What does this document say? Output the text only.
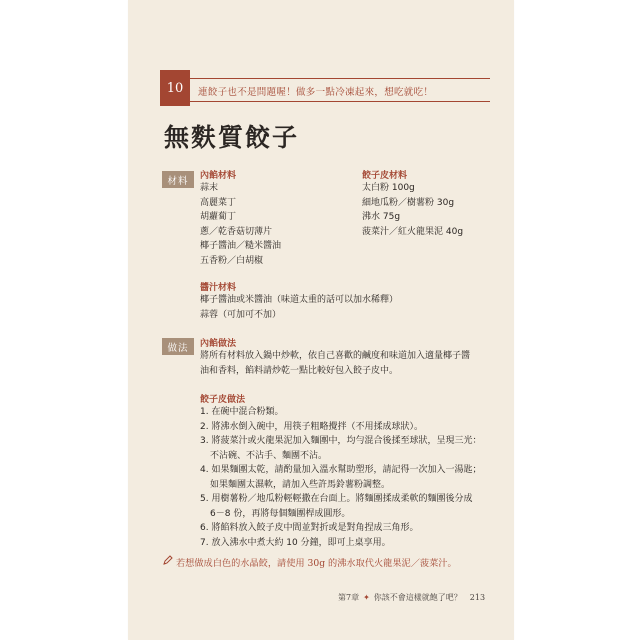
10	連餃子也不是問題喔！做多一點冷凍起來，想吃就吃！
無麩質餃子
材料	內餡材料
蒜末
高麗菜丁
胡蘿蔔丁
蔥／乾香菇切薄片
椰子醬油／糙米醬油
五香粉／白胡椒
餃子皮材料
太白粉 100g
細地瓜粉／樹薯粉 30g
沸水 75g
菠菜汁／紅火龍果泥 40g
醬汁材料
椰子醬油或米醬油（味道太重的話可以加水稀釋）
蒜蓉（可加可不加）
做法	內餡做法
將所有材料放入鍋中炒軟，依自己喜歡的鹹度和味道加入適量椰子醬
油和香料，餡料請炒乾一點比較好包入餃子皮中。
餃子皮做法
1. 在碗中混合粉類。
2. 將沸水倒入碗中，用筷子粗略攪拌（不用揉成球狀）。
3. 將菠菜汁或火龍果泥加入麵團中，均勻混合後揉至球狀，呈現三光：
不沾碗、不沾手、麵團不沾。
4. 如果麵團太乾，請酌量加入溫水幫助塑形，請記得一次加入一湯匙；
如果麵團太濕軟，請加入些許馬鈴薯粉調整。
5. 用樹薯粉／地瓜粉輕輕撒在台面上。將麵團揉成柔軟的麵團後分成
6－8 份，再將每個麵團桿成圓形。
6. 將餡料放入餃子皮中間並對折或是對角捏成三角形。
7. 放入沸水中煮大約 10 分鐘，即可上桌享用。
若想做成白色的水晶餃，請使用 30g 的沸水取代火龍果泥／菠菜汁。
第7章 ✦ 你該不會這樣就飽了吧？ 213
